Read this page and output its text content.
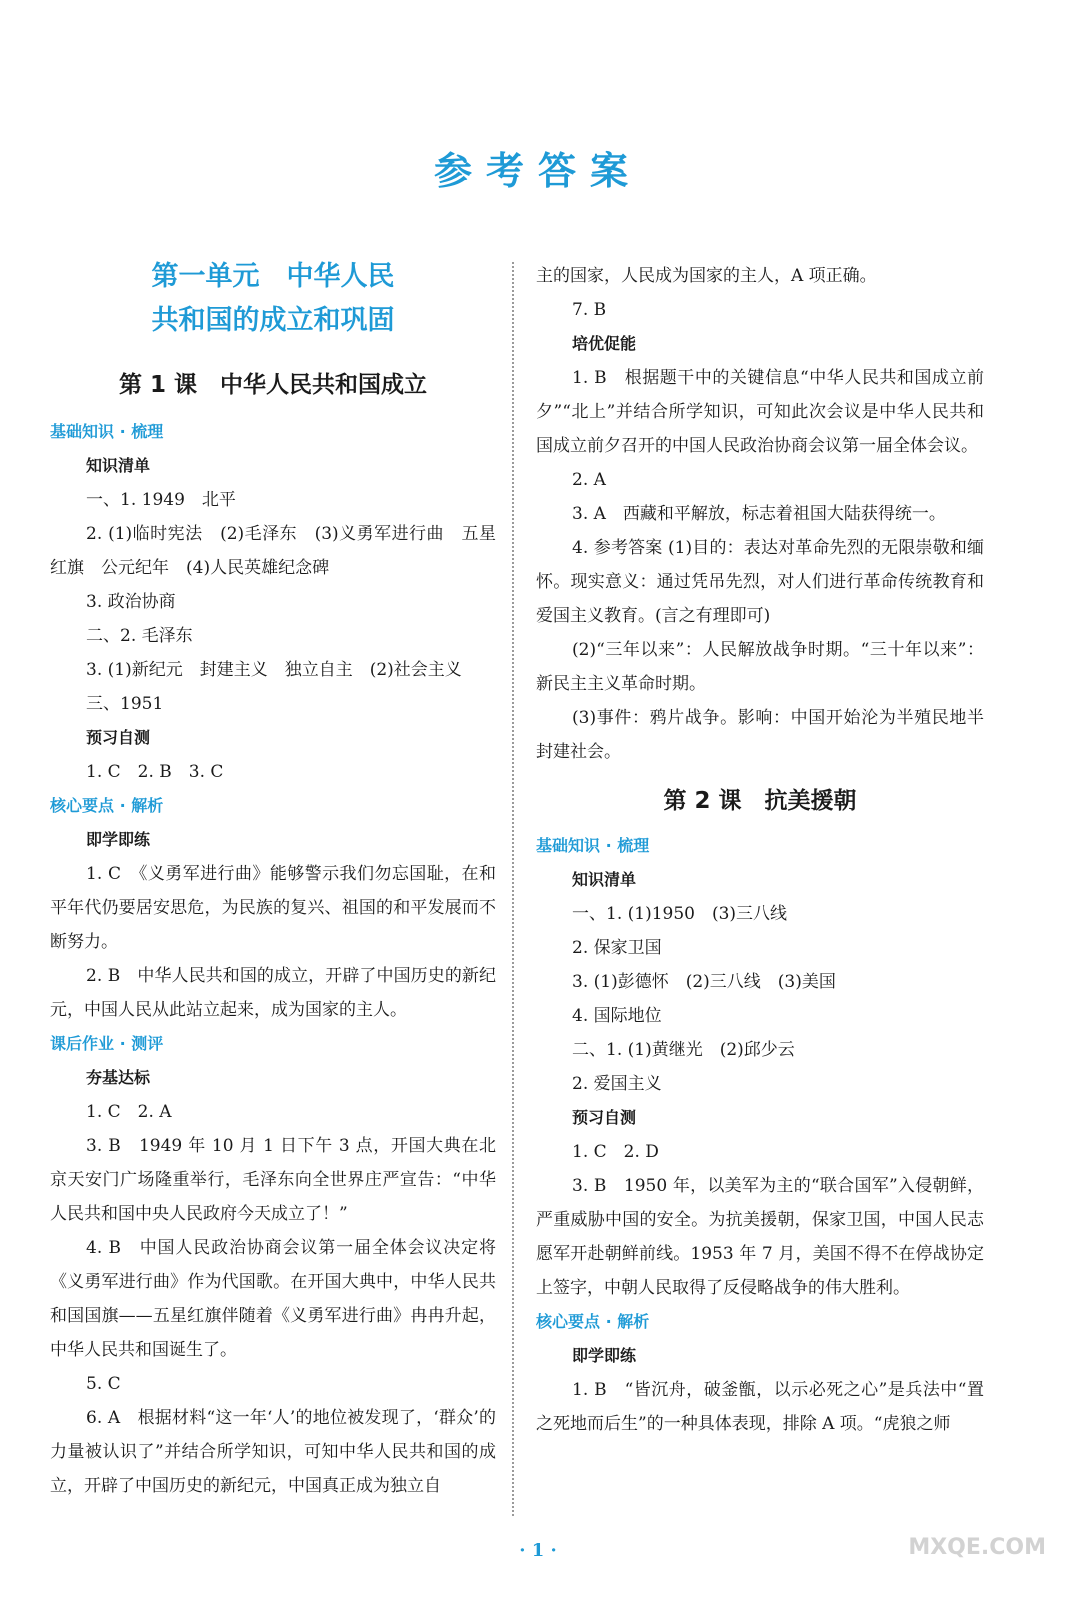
参考答案
第一单元　中华人民
共和国的成立和巩固
第 1 课　中华人民共和国成立
基础知识 · 梳理
知识清单
一、1. 1949　北平
2. (1)临时宪法　(2)毛泽东　(3)义勇军进行曲　五星红旗　公元纪年　(4)人民英雄纪念碑
3. 政治协商
二、2. 毛泽东
3. (1)新纪元　封建主义　独立自主　(2)社会主义
三、1951
预习自测
1. C　2. B　3. C
核心要点 · 解析
即学即练
1. C　《义勇军进行曲》能够警示我们勿忘国耻，在和平年代仍要居安思危，为民族的复兴、祖国的和平发展而不断努力。
2. B　中华人民共和国的成立，开辟了中国历史的新纪元，中国人民从此站立起来，成为国家的主人。
课后作业 · 测评
夯基达标
1. C　2. A
3. B　1949 年 10 月 1 日下午 3 点，开国大典在北京天安门广场隆重举行，毛泽东向全世界庄严宣告：“中华人民共和国中央人民政府今天成立了！”
4. B　中国人民政治协商会议第一届全体会议决定将《义勇军进行曲》作为代国歌。在开国大典中，中华人民共和国国旗——五星红旗伴随着《义勇军进行曲》冉冉升起，中华人民共和国诞生了。
5. C
6. A　根据材料“这一年‘人’的地位被发现了，‘群众’的力量被认识了”并结合所学知识，可知中华人民共和国的成立，开辟了中国历史的新纪元，中国真正成为独立自
主的国家，人民成为国家的主人，A 项正确。
7. B
培优促能
1. B　根据题干中的关键信息“中华人民共和国成立前夕”“北上”并结合所学知识，可知此次会议是中华人民共和国成立前夕召开的中国人民政治协商会议第一届全体会议。
2. A
3. A　西藏和平解放，标志着祖国大陆获得统一。
4. 参考答案 (1)目的：表达对革命先烈的无限崇敬和缅怀。现实意义：通过凭吊先烈，对人们进行革命传统教育和爱国主义教育。(言之有理即可)
(2)“三年以来”：人民解放战争时期。“三十年以来”：新民主主义革命时期。
(3)事件：鸦片战争。影响：中国开始沦为半殖民地半封建社会。
第 2 课　抗美援朝
基础知识 · 梳理
知识清单
一、1. (1)1950　(3)三八线
2. 保家卫国
3. (1)彭德怀　(2)三八线　(3)美国
4. 国际地位
二、1. (1)黄继光　(2)邱少云
2. 爱国主义
预习自测
1. C　2. D
3. B　1950 年，以美军为主的“联合国军”入侵朝鲜，严重威胁中国的安全。为抗美援朝，保家卫国，中国人民志愿军开赴朝鲜前线。1953 年 7 月，美国不得不在停战协定上签字，中朝人民取得了反侵略战争的伟大胜利。
核心要点 · 解析
即学即练
1. B　“皆沉舟，破釜甑，以示必死之心”是兵法中“置之死地而后生”的一种具体表现，排除 A 项。“虎狼之师
· 1 ·	MXQE.COM
